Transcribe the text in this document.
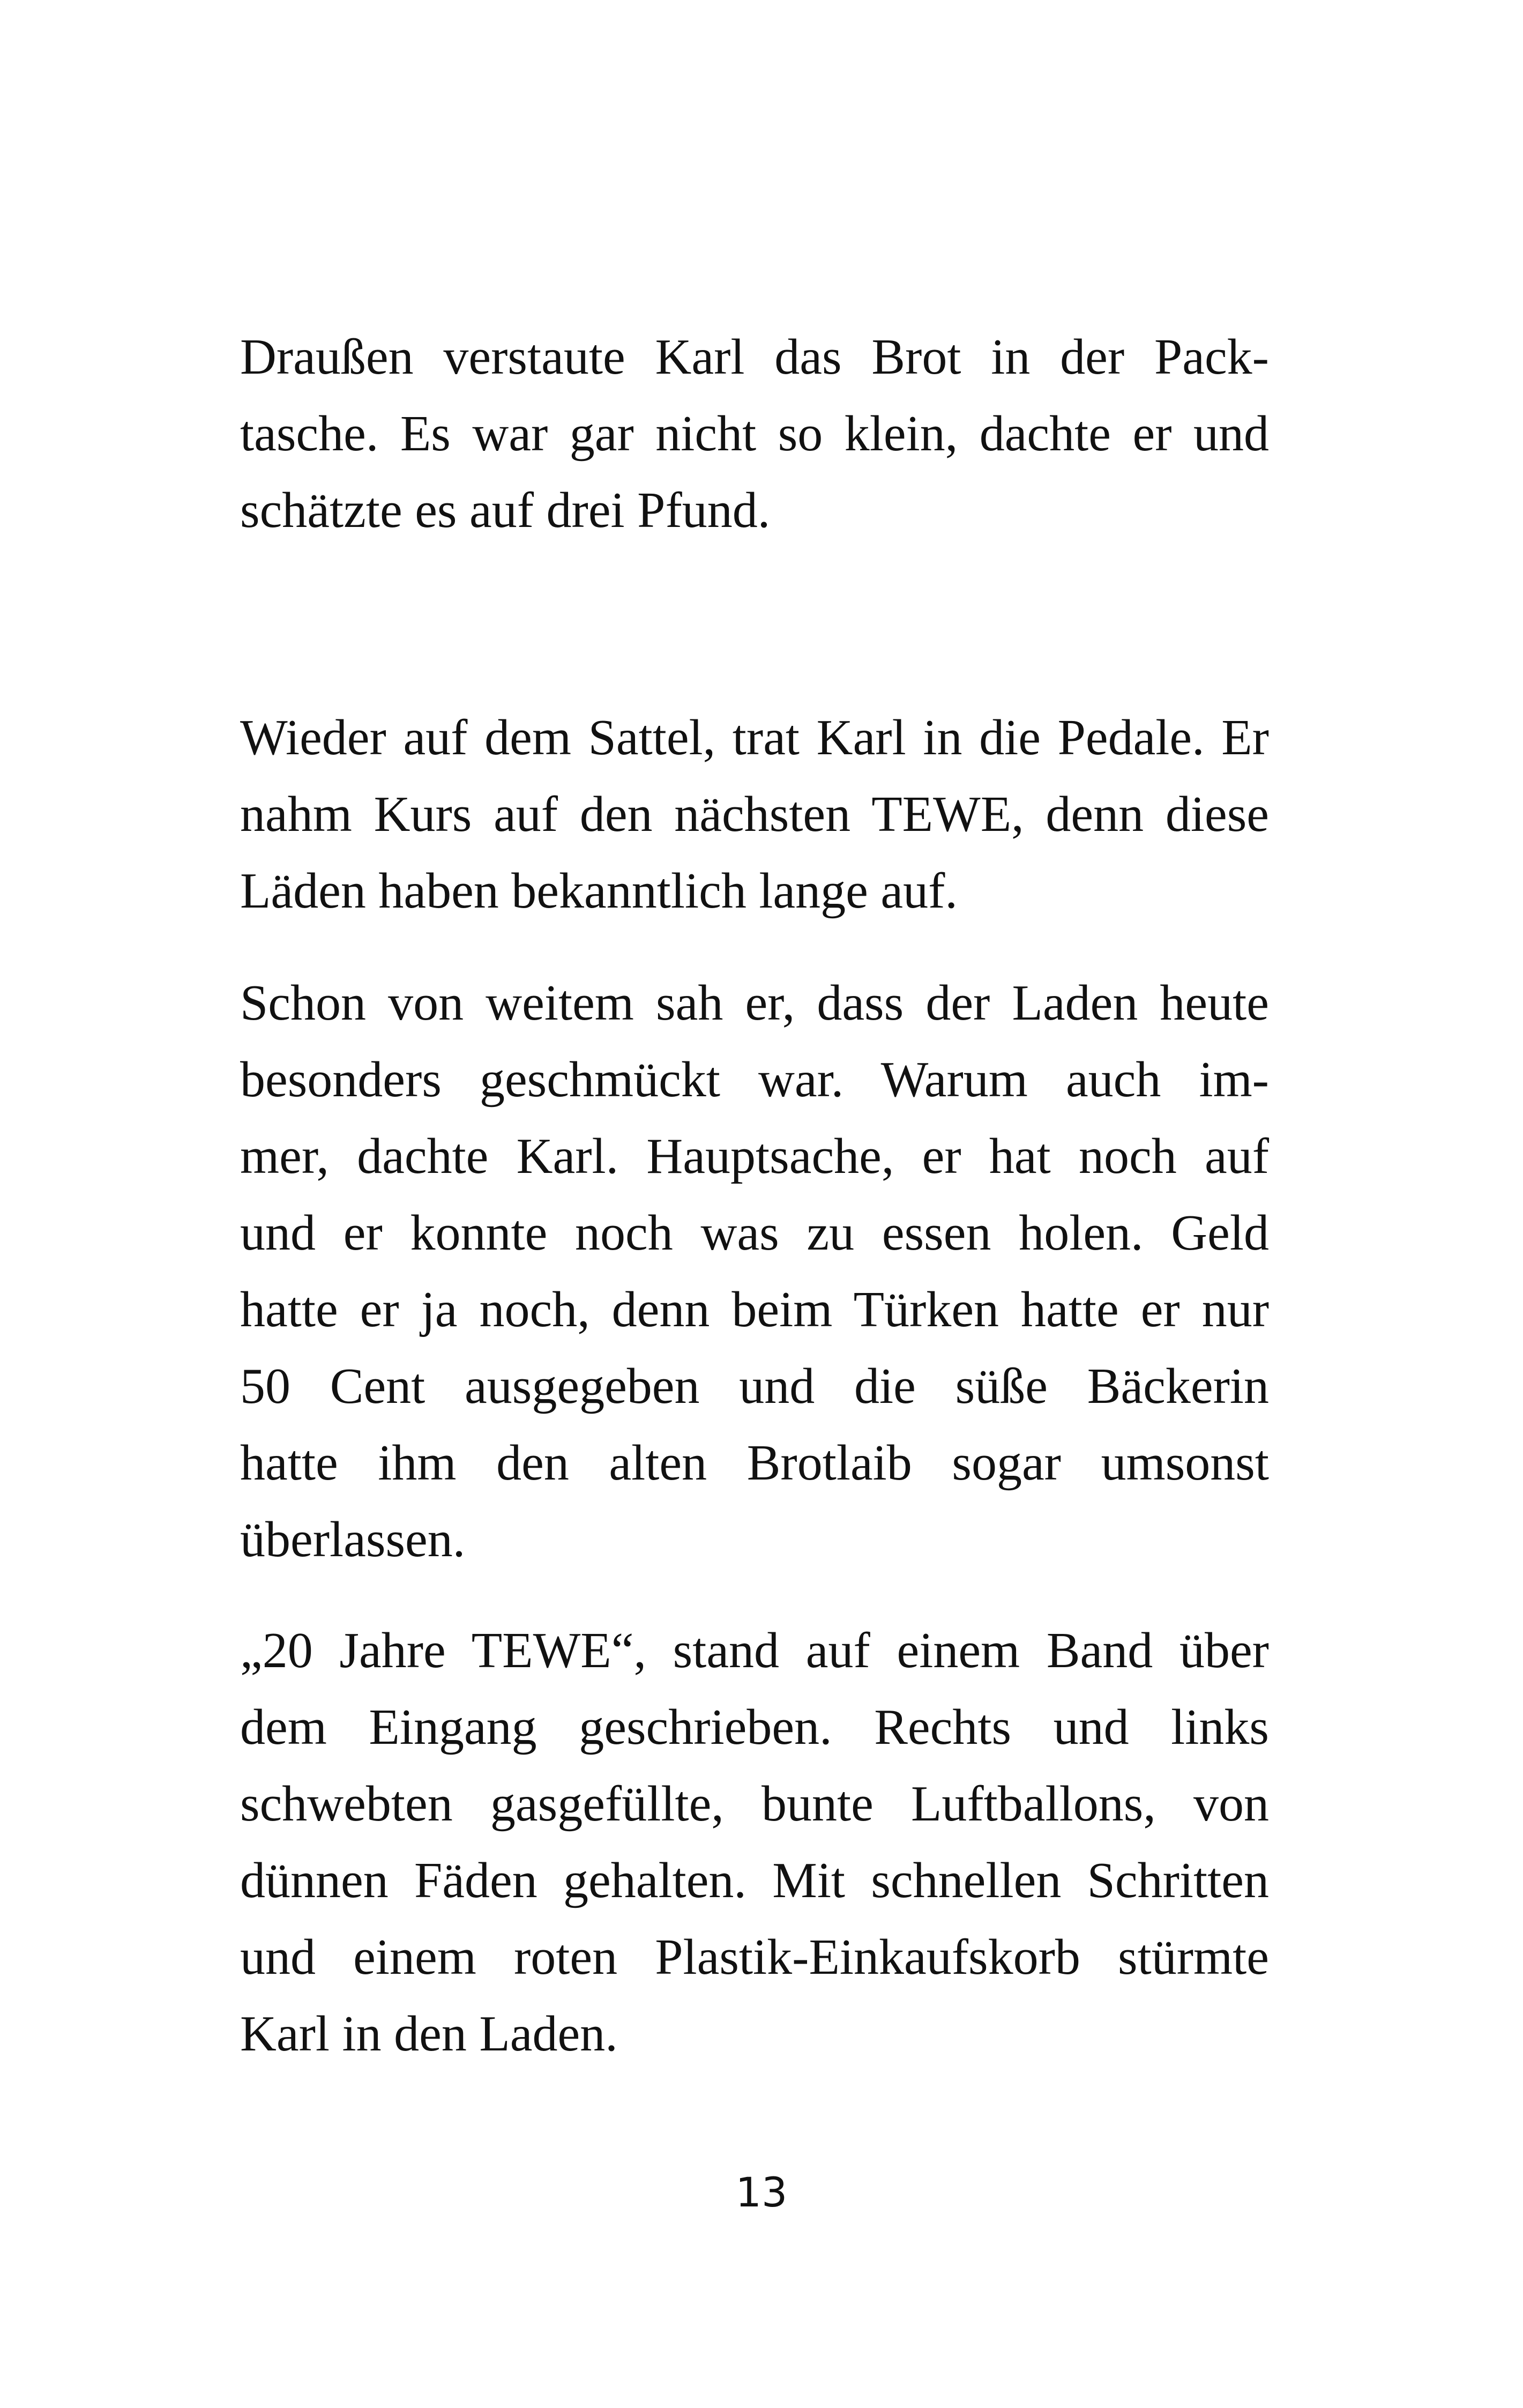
Draußen verstaute Karl das Brot in der Pack-
tasche. Es war gar nicht so klein, dachte er und
schätzte es auf drei Pfund.

Wieder auf dem Sattel, trat Karl in die Pedale. Er
nahm Kurs auf den nächsten TEWE, denn diese
Läden haben bekanntlich lange auf.

Schon von weitem sah er, dass der Laden heute
besonders geschmückt war. Warum auch im-
mer, dachte Karl. Hauptsache, er hat noch auf
und er konnte noch was zu essen holen. Geld
hatte er ja noch, denn beim Türken hatte er nur
50 Cent ausgegeben und die süße Bäckerin
hatte ihm den alten Brotlaib sogar umsonst
überlassen.

„20 Jahre TEWE“, stand auf einem Band über
dem Eingang geschrieben. Rechts und links
schwebten gasgefüllte, bunte Luftballons, von
dünnen Fäden gehalten. Mit schnellen Schritten
und einem roten Plastik-Einkaufskorb stürmte
Karl in den Laden.

13
